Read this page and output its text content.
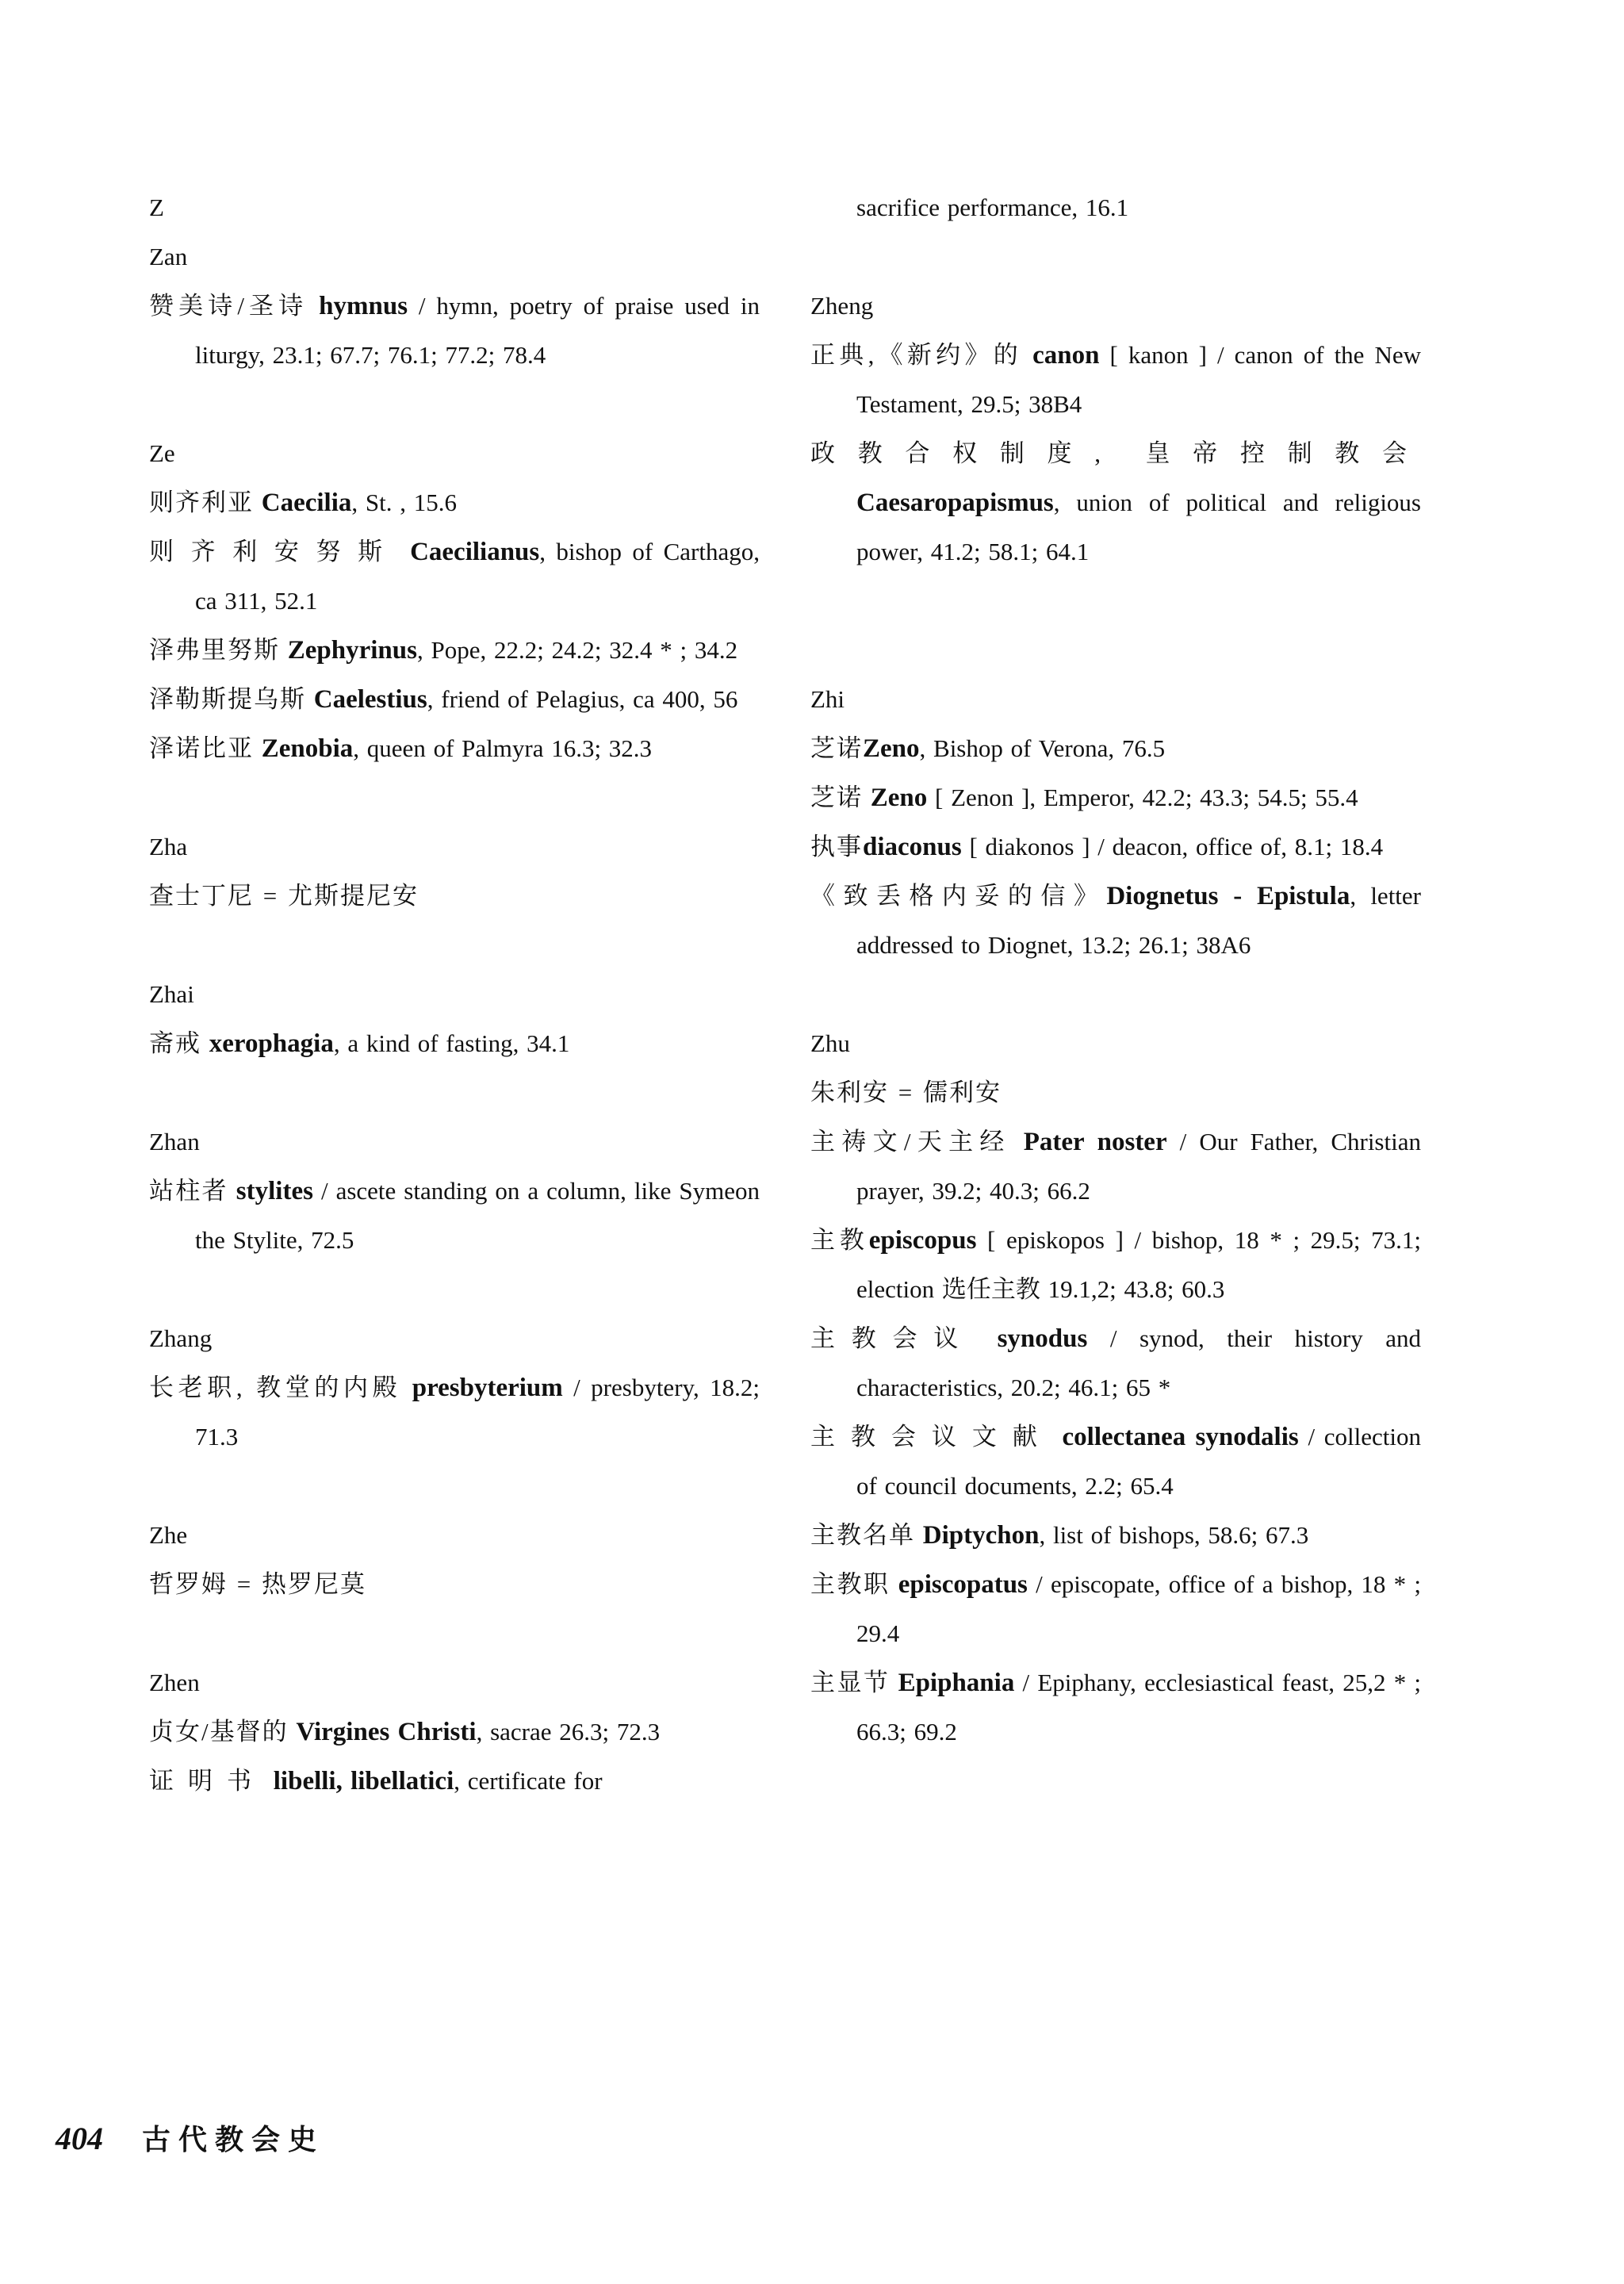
Z
Zan
赞美诗/圣诗 hymnus / hymn, poetry of praise used in liturgy, 23.1; 67.7; 76.1; 77.2; 78.4
Ze
则齐利亚 Caecilia, St. , 15.6
则齐利安努斯 Caecilianus, bishop of Carthago, ca 311, 52.1
泽弗里努斯 Zephyrinus, Pope, 22.2; 24.2; 32.4 * ; 34.2
泽勒斯提乌斯 Caelestius, friend of Pelagius, ca 400, 56
泽诺比亚 Zenobia, queen of Palmyra 16.3; 32.3
Zha
查士丁尼 = 尤斯提尼安
Zhai
斋戒 xerophagia, a kind of fasting, 34.1
Zhan
站柱者 stylites / ascete standing on a column, like Symeon the Stylite, 72.5
Zhang
长老职, 教堂的内殿 presbyterium / presbytery, 18.2; 71.3
Zhe
哲罗姆 = 热罗尼莫
Zhen
贞女/基督的 Virgines Christi, sacrae 26.3; 72.3
证明书 libelli, libellatici, certificate for
sacrifice performance, 16.1
Zheng
正典,《新约》的 canon [ kanon ] / canon of the New Testament, 29.5; 38B4
政教合权制度, 皇帝控制教会 Caesaropapismus, union of political and religious power, 41.2; 58.1; 64.1
Zhi
芝诺Zeno, Bishop of Verona, 76.5
芝诺 Zeno [ Zenon ], Emperor, 42.2; 43.3; 54.5; 55.4
执事diaconus [ diakonos ] / deacon, office of, 8.1; 18.4
《致丢格内妥的信》Diognetus - Epistula, letter addressed to Diognet, 13.2; 26.1; 38A6
Zhu
朱利安 = 儒利安
主祷文/天主经 Pater noster / Our Father, Christian prayer, 39.2; 40.3; 66.2
主教episcopus [ episkopos ] / bishop, 18 * ; 29.5; 73.1; election 选任主教 19.1,2; 43.8; 60.3
主教会议 synodus / synod, their history and characteristics, 20.2; 46.1; 65 *
主教会议文献 collectanea synodalis / collection of council documents, 2.2; 65.4
主教名单 Diptychon, list of bishops, 58.6; 67.3
主教职 episcopatus / episcopate, office of a bishop, 18 * ; 29.4
主显节 Epiphania / Epiphany, ecclesiastical feast, 25,2 * ; 66.3; 69.2
404 古代教会史
